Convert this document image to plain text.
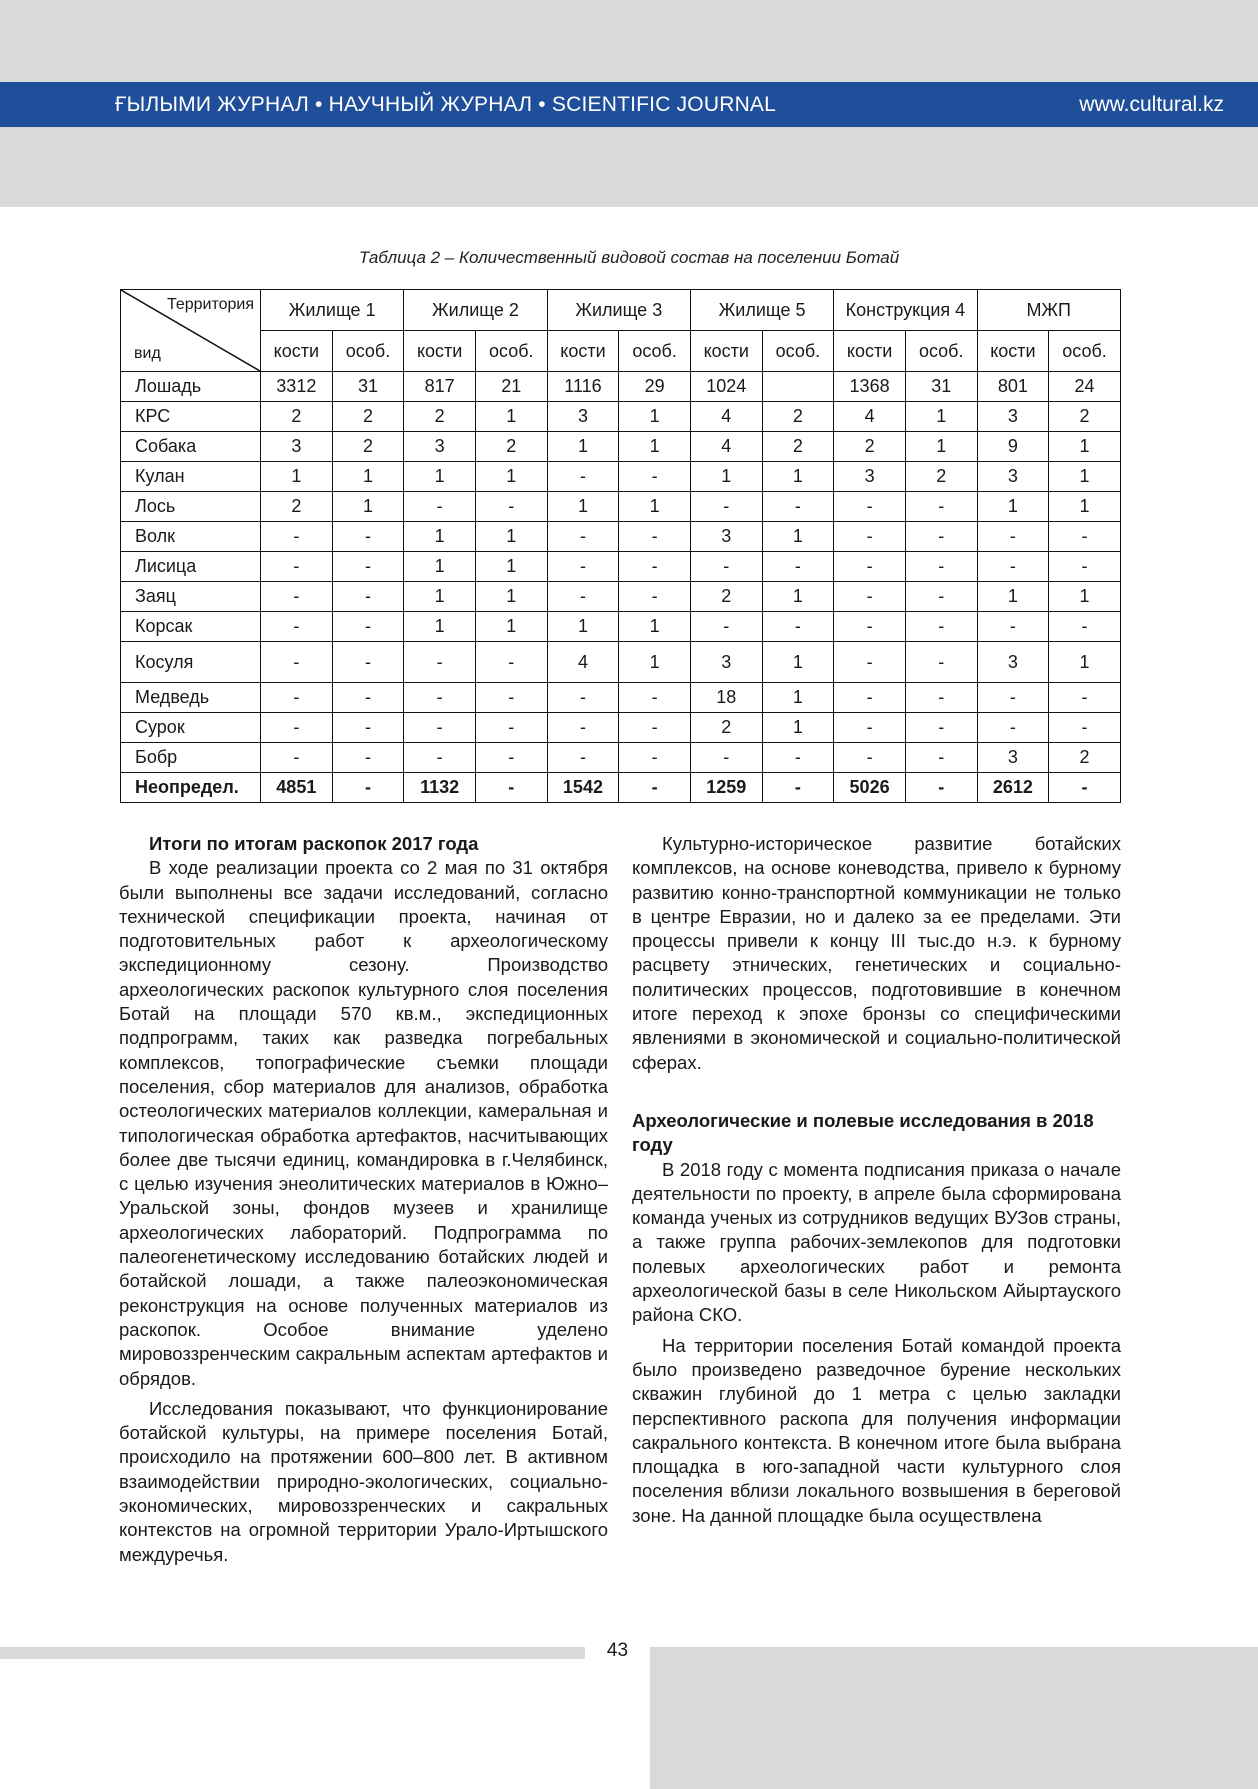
ҒЫЛЫМИ ЖУРНАЛ • НАУЧНЫЙ ЖУРНАЛ • SCIENTIFIC JOURNAL	www.cultural.kz
Таблица 2 – Количественный видовой состав на поселении Ботай
Территория
вид	Жилище 1		Жилище 2		Жилище 3		Жилище 5		Конструкция 4		МЖП	
	кости	особ.	кости	особ.	кости	особ.	кости	особ.	кости	особ.	кости	особ.
Лошадь	3312	31	817	21	1116	29	1024		1368	31	801	24
КРС	2	2	2	1	3	1	4	2	4	1	3	2
Собака	3	2	3	2	1	1	4	2	2	1	9	1
Кулан	1	1	1	1	-	-	1	1	3	2	3	1
Лось	2	1	-	-	1	1	-	-	-	-	1	1
Волк	-	-	1	1	-	-	3	1	-	-	-	-
Лисица	-	-	1	1	-	-	-	-	-	-	-	-
Заяц	-	-	1	1	-	-	2	1	-	-	1	1
Корсак	-	-	1	1	1	1	-	-	-	-	-	-
Косуля	-	-	-	-	4	1	3	1	-	-	3	1
Медведь	-	-	-	-	-	-	18	1	-	-	-	-
Сурок	-	-	-	-	-	-	2	1	-	-	-	-
Бобр	-	-	-	-	-	-	-	-	-	-	3	2
Неопредел.	4851	-	1132	-	1542	-	1259	-	5026	-	2612	-
Итоги по итогам раскопок 2017 года

В ходе реализации проекта со 2 мая по 31 октября были выполнены все задачи исследований, согласно технической спецификации проекта, начиная от подготовительных работ к археологическому экспедиционному сезону. Производство археологических раскопок культурного слоя поселения Ботай на площади 570 кв.м., экспедиционных подпрограмм, таких как разведка погребальных комплексов, топографические съемки площади поселения, сбор материалов для анализов, обработка остеологических материалов коллекции, камеральная и типологическая обработка артефактов, насчитывающих более две тысячи единиц, командировка в г.Челябинск, с целью изучения энеолитических материалов в Южно–Уральской зоны, фондов музеев и хранилище археологических лабораторий. Подпрограмма по палеогенетическому исследованию ботайских людей и ботайской лошади, а также палеоэкономическая реконструкция на основе полученных материалов из раскопок. Особое внимание уделено мировоззренческим сакральным аспектам артефактов и обрядов.

Исследования показывают, что функционирование ботайской культуры, на примере поселения Ботай, происходило на протяжении 600–800 лет. В активном взаимодействии природно-экологических, социально-экономических, мировоззренческих и сакральных контекстов на огромной территории Урало-Иртышского междуречья.

Культурно-историческое развитие ботайских комплексов, на основе коневодства, привело к бурному развитию конно-транспортной коммуникации не только в центре Евразии, но и далеко за ее пределами. Эти процессы привели к концу III тыс.до н.э. к бурному расцвету этнических, генетических и социально-политических процессов, подготовившие в конечном итоге переход к эпохе бронзы со специфическими явлениями в экономической и социально-политической сферах.

Археологические и полевые исследования в 2018 году

В 2018 году с момента подписания приказа о начале деятельности по проекту, в апреле была сформирована команда ученых из сотрудников ведущих ВУЗов страны, а также группа рабочих-землекопов для подготовки полевых археологических работ и ремонта археологической базы в селе Никольском Айыртауского района СКО.

На территории поселения Ботай командой проекта было произведено разведочное бурение нескольких скважин глубиной до 1 метра с целью закладки перспективного раскопа для получения информации сакрального контекста. В конечном итоге была выбрана площадка в юго-западной части культурного слоя поселения вблизи локального возвышения в береговой зоне. На данной площадке была осуществлена

43
